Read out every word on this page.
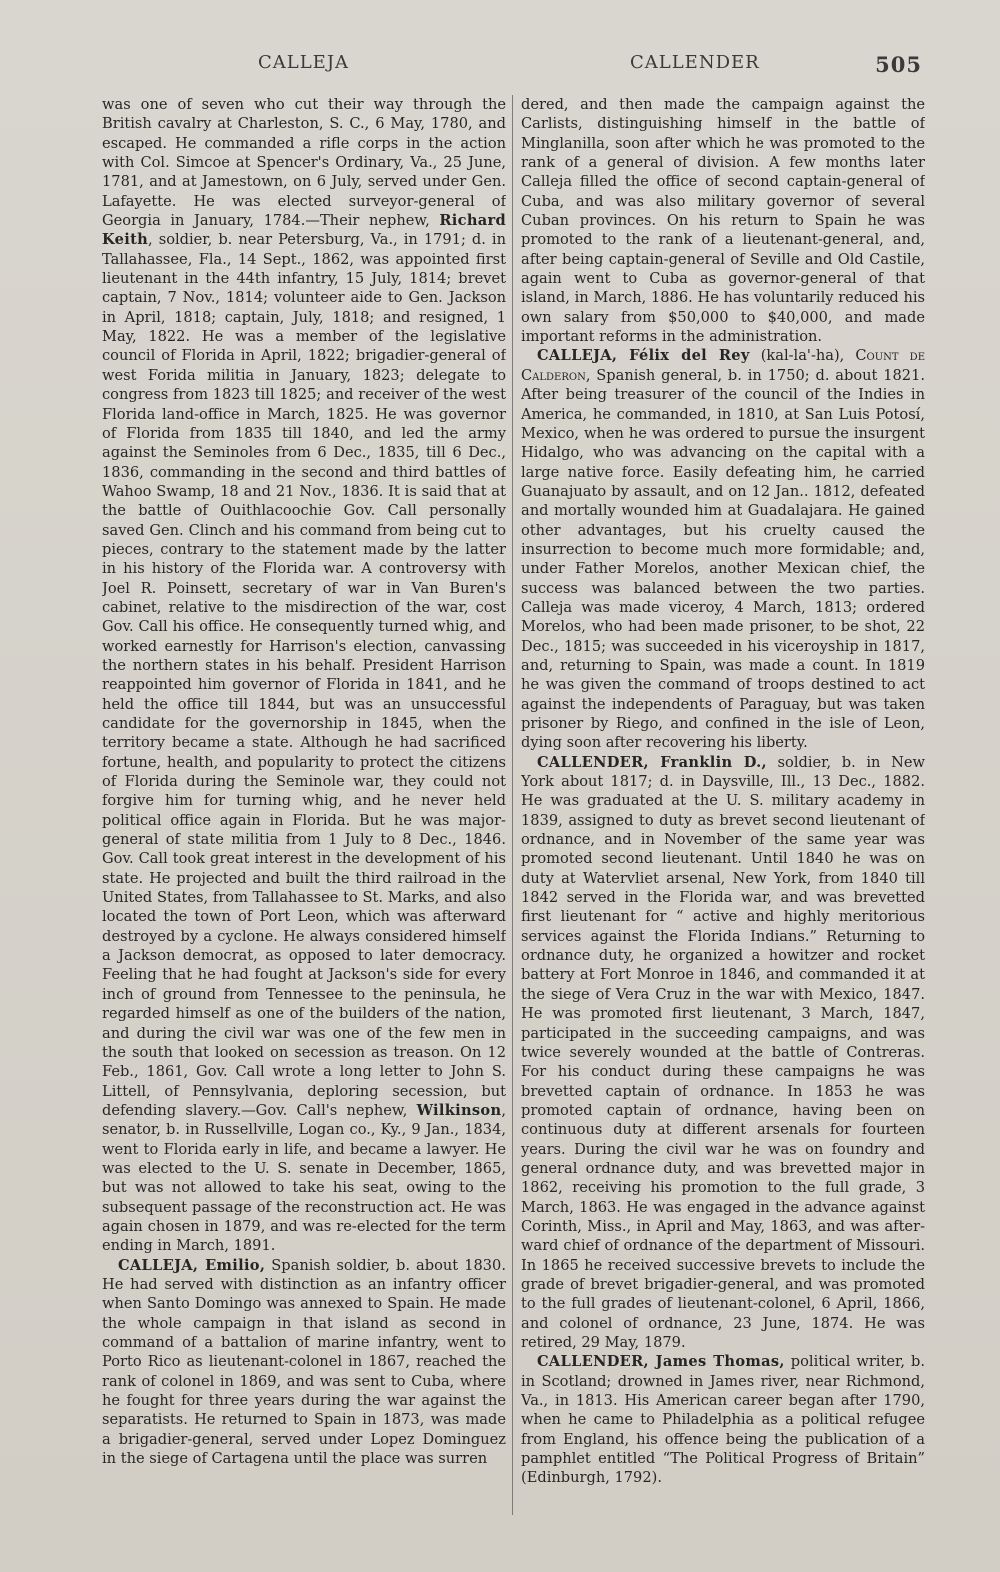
CALLEJA	CALLENDER	505

was one of seven who cut their way through the British cavalry at Charleston, S. C., 6 May, 1780, and escaped. He commanded a rifle corps in the action with Col. Simcoe at Spencer's Ordinary, Va., 25 June, 1781, and at Jamestown, on 6 July, served under Gen. Lafayette. He was elected surveyor-general of Georgia in January, 1784.—Their nephew, Richard Keith, soldier, b. near Petersburg, Va., in 1791; d. in Tallahassee, Fla., 14 Sept., 1862, was appointed first lieutenant in the 44th infantry, 15 July, 1814; brevet captain, 7 Nov., 1814; volunteer aide to Gen. Jackson in April, 1818; captain, July, 1818; and resigned, 1 May, 1822. He was a member of the legislative council of Florida in April, 1822; brigadier-general of west Forida militia in January, 1823; delegate to congress from 1823 till 1825; and receiver of the west Florida land-office in March, 1825. He was governor of Florida from 1835 till 1840, and led the army against the Seminoles from 6 Dec., 1835, till 6 Dec., 1836, commanding in the second and third battles of Wahoo Swamp, 18 and 21 Nov., 1836. It is said that at the battle of Ouithlacoochie Gov. Call personally saved Gen. Clinch and his command from being cut to pieces, contrary to the statement made by the latter in his history of the Florida war. A controversy with Joel R. Poinsett, secretary of war in Van Buren's cabinet, relative to the misdirection of the war, cost Gov. Call his office. He consequently turned whig, and worked earnestly for Harrison's election, canvassing the northern states in his behalf. President Harrison reappointed him governor of Florida in 1841, and he held the office till 1844, but was an unsuccessful candidate for the governorship in 1845, when the territory became a state. Although he had sacrificed fortune, health, and popularity to protect the citizens of Florida during the Seminole war, they could not forgive him for turning whig, and he never held political office again in Florida. But he was major-general of state militia from 1 July to 8 Dec., 1846. Gov. Call took great interest in the development of his state. He projected and built the third railroad in the United States, from Tallahassee to St. Marks, and also located the town of Port Leon, which was afterward destroyed by a cyclone. He always considered himself a Jackson democrat, as opposed to later democracy. Feeling that he had fought at Jackson's side for every inch of ground from Tennessee to the peninsula, he regarded himself as one of the builders of the nation, and during the civil war was one of the few men in the south that looked on secession as treason. On 12 Feb., 1861, Gov. Call wrote a long letter to John S. Littell, of Pennsylvania, deploring secession, but defending slavery.—Gov. Call's nephew, Wilkinson, senator, b. in Russellville, Logan co., Ky., 9 Jan., 1834, went to Florida early in life, and became a lawyer. He was elected to the U. S. senate in December, 1865, but was not allowed to take his seat, owing to the subsequent passage of the reconstruction act. He was again chosen in 1879, and was re-elected for the term ending in March, 1891.

CALLEJA, Emilio, Spanish soldier, b. about 1830. He had served with distinction as an infantry officer when Santo Domingo was annexed to Spain. He made the whole campaign in that island as second in command of a battalion of marine infantry, went to Porto Rico as lieutenant-colonel in 1867, reached the rank of colonel in 1869, and was sent to Cuba, where he fought for three years during the war against the separatists. He returned to Spain in 1873, was made a brigadier-general, served under Lopez Dominguez in the siege of Cartagena until the place was surren

dered, and then made the campaign against the Carlists, distinguishing himself in the battle of Minglanilla, soon after which he was promoted to the rank of a general of division. A few months later Calleja filled the office of second captain-general of Cuba, and was also military governor of several Cuban provinces. On his return to Spain he was promoted to the rank of a lieutenant-general, and, after being captain-general of Seville and Old Castile, again went to Cuba as governor-general of that island, in March, 1886. He has voluntarily reduced his own salary from $50,000 to $40,000, and made important reforms in the administration.

CALLEJA, Félix del Rey (kal-la'-ha), Count de Calderon, Spanish general, b. in 1750; d. about 1821. After being treasurer of the council of the Indies in America, he commanded, in 1810, at San Luis Potosí, Mexico, when he was ordered to pursue the insurgent Hidalgo, who was advancing on the capital with a large native force. Easily defeating him, he carried Guanajuato by assault, and on 12 Jan.. 1812, defeated and mortally wounded him at Guadalajara. He gained other advantages, but his cruelty caused the insurrection to become much more formidable; and, under Father Morelos, another Mexican chief, the success was balanced between the two parties. Calleja was made viceroy, 4 March, 1813; ordered Morelos, who had been made prisoner, to be shot, 22 Dec., 1815; was succeeded in his viceroyship in 1817, and, returning to Spain, was made a count. In 1819 he was given the command of troops destined to act against the independents of Paraguay, but was taken prisoner by Riego, and confined in the isle of Leon, dying soon after recovering his liberty.

CALLENDER, Franklin D., soldier, b. in New York about 1817; d. in Daysville, Ill., 13 Dec., 1882. He was graduated at the U. S. military academy in 1839, assigned to duty as brevet second lieutenant of ordnance, and in November of the same year was promoted second lieutenant. Until 1840 he was on duty at Watervliet arsenal, New York, from 1840 till 1842 served in the Florida war, and was brevetted first lieutenant for “ active and highly meritorious services against the Florida Indians.” Returning to ordnance duty, he organized a howitzer and rocket battery at Fort Monroe in 1846, and commanded it at the siege of Vera Cruz in the war with Mexico, 1847. He was promoted first lieutenant, 3 March, 1847, participated in the succeeding campaigns, and was twice severely wounded at the battle of Contreras. For his conduct during these campaigns he was brevetted captain of ordnance. In 1853 he was promoted captain of ordnance, having been on continuous duty at different arsenals for fourteen years. During the civil war he was on foundry and general ordnance duty, and was brevetted major in 1862, receiving his promotion to the full grade, 3 March, 1863. He was engaged in the advance against Corinth, Miss., in April and May, 1863, and was afterward chief of ordnance of the department of Missouri. In 1865 he received successive brevets to include the grade of brevet brigadier-general, and was promoted to the full grades of lieutenant-colonel, 6 April, 1866, and colonel of ordnance, 23 June, 1874. He was retired, 29 May, 1879.

CALLENDER, James Thomas, political writer, b. in Scotland; drowned in James river, near Richmond, Va., in 1813. His American career began after 1790, when he came to Philadelphia as a political refugee from England, his offence being the publication of a pamphlet entitled “The Political Progress of Britain” (Edinburgh, 1792).
